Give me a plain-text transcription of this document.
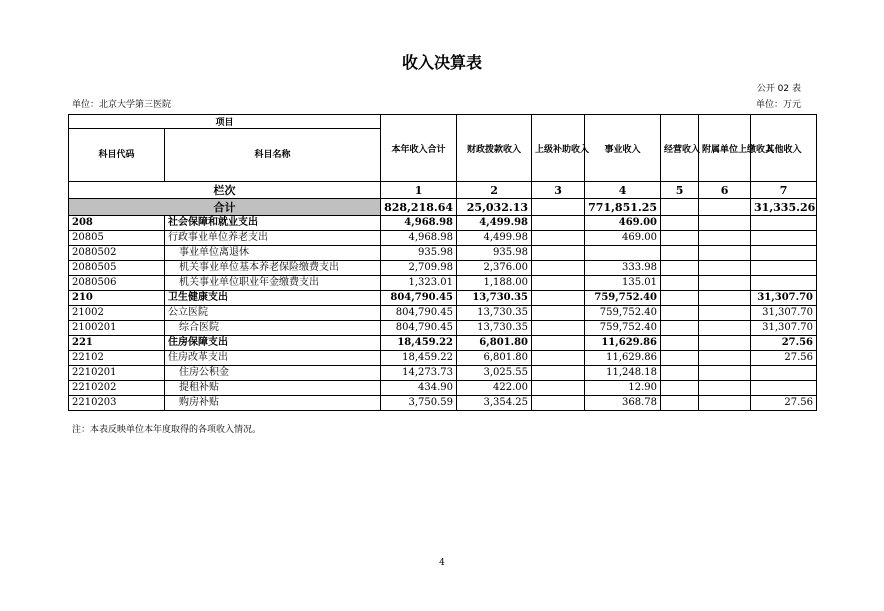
收入决算表
公开 02 表
单位：北京大学第三医院	单位：万元
项目		本年收入合计	财政拨款收入	上级补助收入	事业收入	经营收入	附属单位上缴收入	其他收入
科目代码	科目名称							
栏次		1	2	3	4	5	6	7
合计		828,218.64	25,032.13		771,851.25			31,335.26
208	社会保障和就业支出	4,968.98	4,499.98		469.00			
20805	行政事业单位养老支出	4,968.98	4,499.98		469.00			
2080502	事业单位离退休	935.98	935.98					
2080505	机关事业单位基本养老保险缴费支出	2,709.98	2,376.00		333.98			
2080506	机关事业单位职业年金缴费支出	1,323.01	1,188.00		135.01			
210	卫生健康支出	804,790.45	13,730.35		759,752.40			31,307.70
21002	公立医院	804,790.45	13,730.35		759,752.40			31,307.70
2100201	综合医院	804,790.45	13,730.35		759,752.40			31,307.70
221	住房保障支出	18,459.22	6,801.80		11,629.86			27.56
22102	住房改革支出	18,459.22	6,801.80		11,629.86			27.56
2210201	住房公积金	14,273.73	3,025.55		11,248.18			
2210202	提租补贴	434.90	422.00		12.90			
2210203	购房补贴	3,750.59	3,354.25		368.78			27.56
注：本表反映单位本年度取得的各项收入情况。
4
